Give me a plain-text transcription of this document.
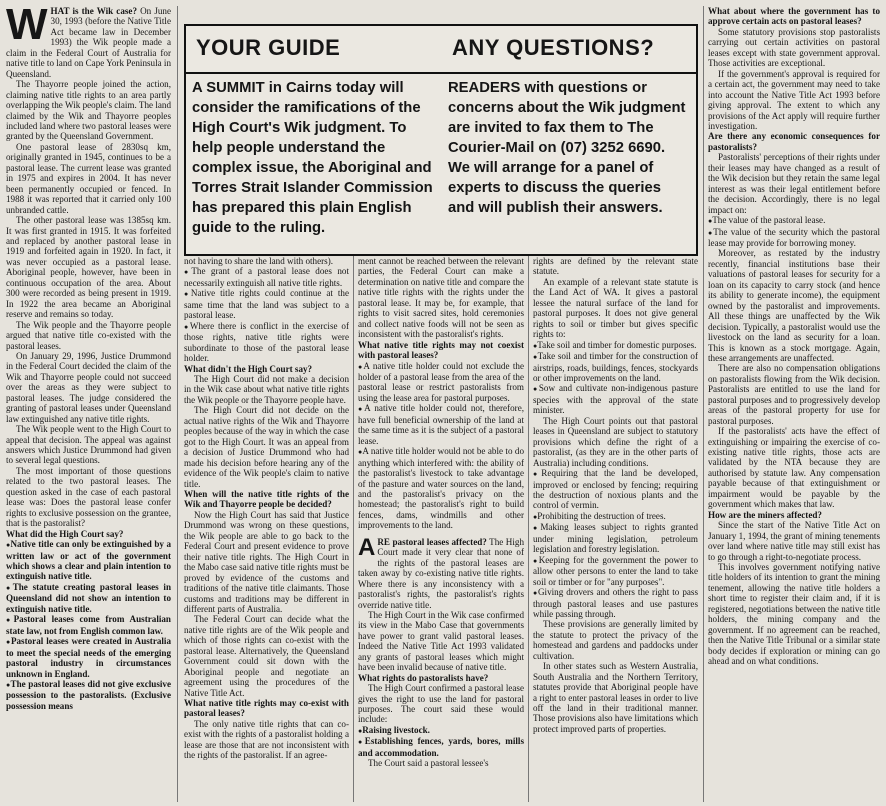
WHAT is the Wik case? On June 30, 1993 (before the Native Title Act became law in December 1993) the Wik people made a claim in the Federal Court of Australia for native title to land on Cape York Peninsula in Queensland.

The Thayorre people joined the action, claiming native title rights to an area partly overlapping the Wik people's claim. The land claimed by the Wik and Thayorre peoples included land where two pastoral leases were granted by the Queensland Government.

One pastoral lease of 2830sq km, originally granted in 1945, continues to be a pastoral lease. The current lease was granted in 1975 and expires in 2004. It has never been permanently occupied or fenced. In 1988 it was reported that it carried only 100 unbranded cattle.

The other pastoral lease was 1385sq km. It was first granted in 1915. It was forfeited and replaced by another pastoral lease in 1919 and forfeited again in 1920. In fact, it was never occupied as a pastoral lease. Aboriginal people, however, have been in continuous occupation of the area. About 300 were recorded as being present in 1919. In 1922 the area became an Aboriginal reserve and remains so today.

The Wik people and the Thayorre people argued that native title co-existed with the pastoral leases.

On January 29, 1996, Justice Drummond in the Federal Court decided the claim of the Wik and Thayorre people could not succeed over the areas as they were subject to pastoral leases. The judge considered the granting of pastoral leases under Queensland law extinguished any native title rights.

The Wik people went to the High Court to appeal that decision. The appeal was against answers which Justice Drummond had given to several legal questions.

The most important of those questions related to the two pastoral leases. The question asked in the case of each pastoral lease was: Does the pastoral lease confer rights to exclusive possession on the grantee, that is the pastoralist?

What did the High Court say?

● Native title can only be extinguished by a written law or act of the government which shows a clear and plain intention to extinguish native title.

● The statute creating pastoral leases in Queensland did not show an intention to extinguish native title.

● Pastoral leases come from Australian state law, not from English common law.

● Pastoral leases were created in Australia to meet the special needs of the emerging pastoral industry in circumstances unknown in England.

● The pastoral leases did not give exclusive possession to the pastoralists. (Exclusive possession means

YOUR GUIDE	ANY QUESTIONS?

A SUMMIT in Cairns today will consider the ramifications of the High Court's Wik judgment. To help people understand the complex issue, the Aboriginal and Torres Strait Islander Commission has prepared this plain English guide to the ruling.

READERS with questions or concerns about the Wik judgment are invited to fax them to The Courier-Mail on (07) 3252 6690. We will arrange for a panel of experts to discuss the queries and will publish their answers.

not having to share the land with others).

● The grant of a pastoral lease does not necessarily extinguish all native title rights.

● Native title rights could continue at the same time that the land was subject to a pastoral lease.

● Where there is conflict in the exercise of those rights, native title rights were subordinate to those of the pastoral lease holder.

What didn't the High Court say?

The High Court did not make a decision in the Wik case about what native title rights the Wik people or the Thayorre people have.

The High Court did not decide on the actual native rights of the Wik and Thayorre peoples because of the way in which the case got to the High Court. It was an appeal from a decision of Justice Drummond who had made his decision before hearing any of the evidence of the Wik people's claim to native title.

When will the native title rights of the Wik and Thayorre people be decided?

Now the High Court has said that Justice Drummond was wrong on these questions, the Wik people are able to go back to the Federal Court and present evidence to prove their native title rights. The High Court in the Mabo case said native title rights must be proved by evidence of the customs and traditions of the native title claimants. Those customs and traditions may be different in different parts of Australia.

The Federal Court can decide what the native title rights are of the Wik people and which of those rights can co-exist with the pastoral lease. Alternatively, the Queensland Government could sit down with the Aboriginal people and negotiate an agreement using the procedures of the Native Title Act.

What native title rights may co-exist with pastoral leases?

The only native title rights that can co-exist with the rights of a pastoralist holding a lease are those that are not inconsistent with the rights of the pastoralist. If an agree-

ment cannot be reached between the relevant parties, the Federal Court can make a determination on native title and compare the native title rights with the rights under the pastoral lease. It may be, for example, that rights to visit sacred sites, hold ceremonies and collect native foods will not be seen as inconsistent with the pastoralist's rights.

What native title rights may not coexist with pastoral leases?

● A native title holder could not exclude the holder of a pastoral lease from the area of the pastoral lease or restrict pastoralists from using the lease area for pastoral purposes.

● A native title holder could not, therefore, have full beneficial ownership of the land at the same time as it is the subject of a pastoral lease.

● A native title holder would not be able to do anything which interfered with: the ability of the pastoralist's livestock to take advantage of the pasture and water sources on the land, and the pastoralist's privacy on the homestead; the pastoralist's right to build fences, dams, windmills and other improvements to the land.

ARE pastoral leases affected? The High Court made it very clear that none of the rights of the pastoral leases are taken away by co-existing native title rights. Where there is any inconsistency with a pastoralist's rights, the pastoralist's rights override native title.

The High Court in the Wik case confirmed its view in the Mabo Case that governments have power to grant valid pastoral leases. Indeed the Native Title Act 1993 validated any grants of pastoral leases which might have been invalid because of native title.

What rights do pastoralists have?

The High Court confirmed a pastoral lease gives the right to use the land for pastoral purposes. The court said these would include:

● Raising livestock.

● Establishing fences, yards, bores, mills and accommodation.

The Court said a pastoral lessee's

rights are defined by the relevant state statute.

An example of a relevant state statute is the Land Act of WA. It gives a pastoral lessee the natural surface of the land for pastoral purposes. It does not give general rights to soil or timber but gives specific rights to:

● Take soil and timber for domestic purposes.

● Take soil and timber for the construction of airstrips, roads, buildings, fences, stockyards or other improvements on the land.

● Sow and cultivate non-indigenous pasture species with the approval of the state minister.

The High Court points out that pastoral leases in Queensland are subject to statutory provisions which define the right of a pastoralist, (as they are in the other parts of Australia) including conditions.

● Requiring that the land be developed, improved or enclosed by fencing; requiring the destruction of noxious plants and the control of vermin.

● Prohibiting the destruction of trees.

● Making leases subject to rights granted under mining legislation, petroleum legislation and forestry legislation.

● Keeping for the government the power to allow other persons to enter the land to take soil or timber or for "any purposes".

● Giving drovers and others the right to pass through pastoral leases and use pastures while passing through.

These provisions are generally limited by the statute to protect the privacy of the homestead and gardens and paddocks under cultivation.

In other states such as Western Australia, South Australia and the Northern Territory, statutes provide that Aboriginal people have a right to enter pastoral leases in order to live off the land in their traditional manner. Those provisions also have limitations which protect improved parts of properties.

What about where the government has to approve certain acts on pastoral leases?

Some statutory provisions stop pastoralists carrying out certain activities on pastoral leases except with state government approval. Those activities are exceptional.

If the government's approval is required for a certain act, the government may need to take into account the Native Title Act 1993 before giving approval. The extent to which any provisions of the Act apply will require further investigation.

Are there any economic consequences for pastoralists?

Pastoralists' perceptions of their rights under their leases may have changed as a result of the Wik decision but they retain the same legal interest as was their legal entitlement before the decision. Accordingly, there is no legal impact on:

● The value of the pastoral lease.

● The value of the security which the pastoral lease may provide for borrowing money.

Moreover, as restated by the industry recently, financial institutions base their valuations of pastoral leases for security for a loan on its capacity to carry stock (and hence its ability to generate income), the equipment owned by the pastoralist and improvements. All these things are unaffected by the Wik decision. Typically, a pastoralist would use the livestock on the land as security for a loan. This is known as a stock mortgage. Again, these arrangements are unaffected.

There are also no compensation obligations on pastoralists flowing from the Wik decision. Pastoralists are entitled to use the land for pastoral purposes and to progressively develop areas of the pastoral property for use for pastoral purposes.

If the pastoralists' acts have the effect of extinguishing or impairing the exercise of co-existing native title rights, those acts are validated by the NTA because they are authorised by statute law. Any compensation payable because of that extinguishment or impairment would be payable by the government which makes that law.

How are the miners affected?

Since the start of the Native Title Act on January 1, 1994, the grant of mining tenements over land where native title may still exist has to go through a right-to-negotiate process.

This involves government notifying native title holders of its intention to grant the mining tenement, allowing the native title holders a short time to register their claim and, if it is registered, negotiations between the native title holders, the mining company and the government. If no agreement can be reached, then the Native Title Tribunal or a similar state body decides if exploration or mining can go ahead and on what conditions.
